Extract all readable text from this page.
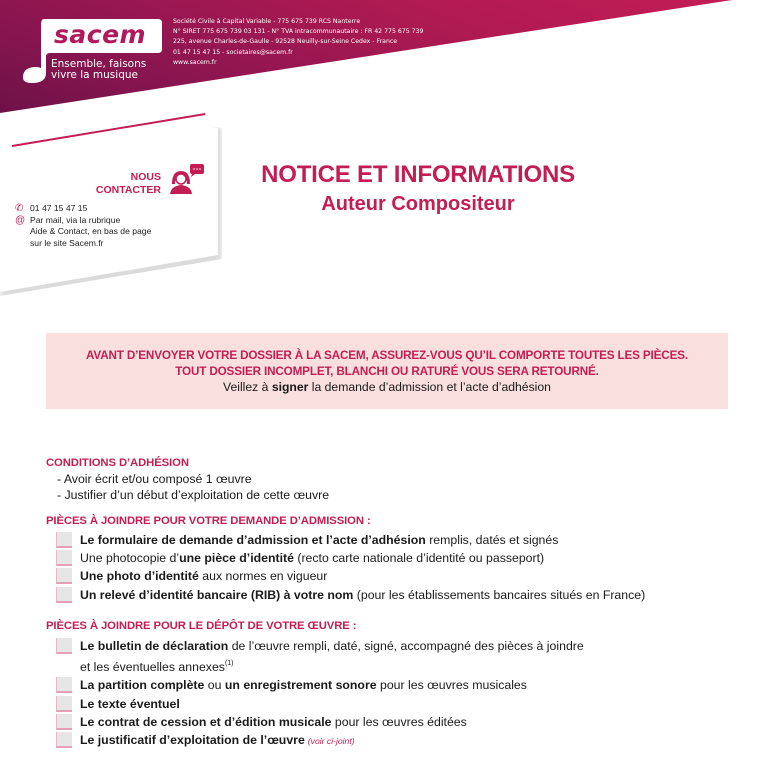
sacem
Ensemble, faisons
vivre la musique
Société Civile à Capital Variable - 775 675 739 RCS Nanterre
N° SIRET 775 675 739 03 131 - N° TVA intracommunautaire : FR 42 775 675 739
225, avenue Charles-de-Gaulle - 92528 Neuilly-sur-Seine Cedex - France
01 47 15 47 15 - societaires@sacem.fr
www.sacem.fr
NOUS
CONTACTER
✆ 01 47 15 47 15
@ Par mail, via la rubrique
Aide & Contact, en bas de page
sur le site Sacem.fr
NOTICE ET INFORMATIONS
Auteur Compositeur
AVANT D’ENVOYER VOTRE DOSSIER À LA SACEM, ASSUREZ-VOUS QU’IL COMPORTE TOUTES LES PIÈCES.
TOUT DOSSIER INCOMPLET, BLANCHI OU RATURÉ VOUS SERA RETOURNÉ.
Veillez à signer la demande d’admission et l’acte d’adhésion
CONDITIONS D’ADHÉSION
- Avoir écrit et/ou composé 1 œuvre
- Justifier d’un début d’exploitation de cette œuvre
PIÈCES À JOINDRE POUR VOTRE DEMANDE D’ADMISSION :
Le formulaire de demande d’admission et l’acte d’adhésion remplis, datés et signés
Une photocopie d’une pièce d’identité (recto carte nationale d’identité ou passeport)
Une photo d’identité aux normes en vigueur
Un relevé d’identité bancaire (RIB) à votre nom (pour les établissements bancaires situés en France)
PIÈCES À JOINDRE POUR LE DÉPÔT DE VOTRE ŒUVRE :
Le bulletin de déclaration de l’œuvre rempli, daté, signé, accompagné des pièces à joindre
et les éventuelles annexes$^{(1)}$
La partition complète ou un enregistrement sonore pour les œuvres musicales
Le texte éventuel
Le contrat de cession et d’édition musicale pour les œuvres éditées
Le justificatif d’exploitation de l’œuvre (voir ci-joint)
